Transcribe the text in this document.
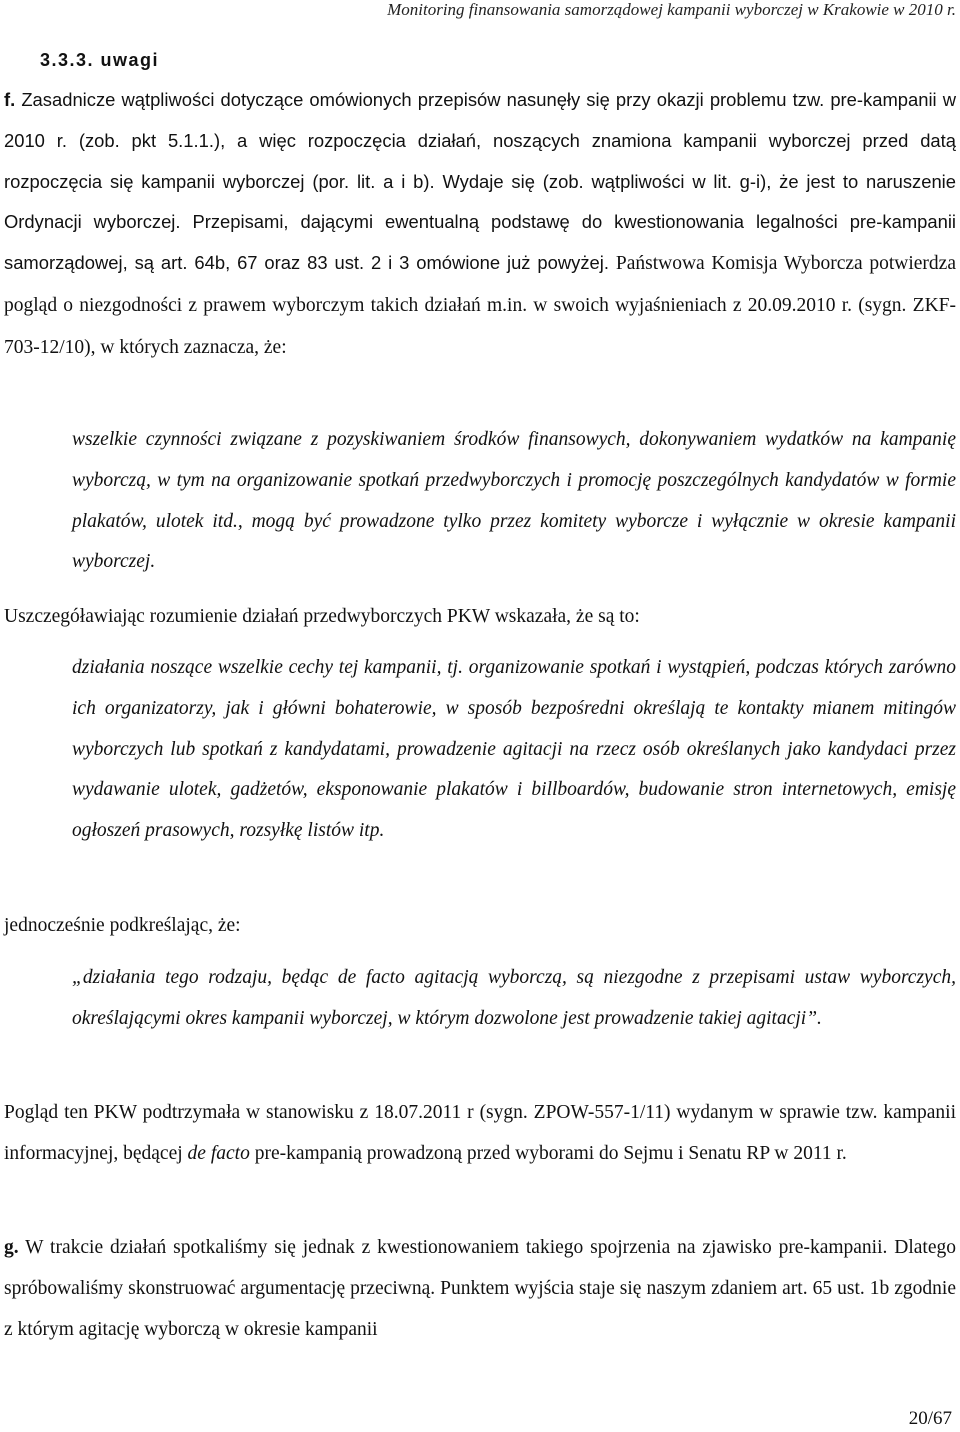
Monitoring finansowania samorządowej kampanii wyborczej w Krakowie w 2010 r.
3.3.3. uwagi

f. Zasadnicze wątpliwości dotyczące omówionych przepisów nasunęły się przy okazji problemu tzw. pre-kampanii w 2010 r. (zob. pkt 5.1.1.), a więc rozpoczęcia działań, noszących znamiona kampanii wyborczej przed datą rozpoczęcia się kampanii wyborczej (por. lit. a i b). Wydaje się (zob. wątpliwości w lit. g-i), że jest to naruszenie Ordynacji wyborczej. Przepisami, dającymi ewentualną podstawę do kwestionowania legalności pre-kampanii samorządowej, są art. 64b, 67 oraz 83 ust. 2 i 3 omówione już powyżej. Państwowa Komisja Wyborcza potwierdza pogląd o niezgodności z prawem wyborczym takich działań m.in. w swoich wyjaśnieniach z 20.09.2010 r. (sygn. ZKF-703-12/10), w których zaznacza, że:

wszelkie czynności związane z pozyskiwaniem środków finansowych, dokonywaniem wydatków na kampanię wyborczą, w tym na organizowanie spotkań przedwyborczych i promocję poszczególnych kandydatów w formie plakatów, ulotek itd., mogą być prowadzone tylko przez komitety wyborcze i wyłącznie w okresie kampanii wyborczej.

Uszczegóławiając rozumienie działań przedwyborczych PKW wskazała, że są to:

działania noszące wszelkie cechy tej kampanii, tj. organizowanie spotkań i wystąpień, podczas których zarówno ich organizatorzy, jak i główni bohaterowie, w sposób bezpośredni określają te kontakty mianem mitingów wyborczych lub spotkań z kandydatami, prowadzenie agitacji na rzecz osób określanych jako kandydaci przez wydawanie ulotek, gadżetów, eksponowanie plakatów i billboardów, budowanie stron internetowych, emisję ogłoszeń prasowych, rozsyłkę listów itp.

jednocześnie podkreślając, że:

„działania tego rodzaju, będąc de facto agitacją wyborczą, są niezgodne z przepisami ustaw wyborczych, określającymi okres kampanii wyborczej, w którym dozwolone jest prowadzenie takiej agitacji”.

Pogląd ten PKW podtrzymała w stanowisku z 18.07.2011 r (sygn. ZPOW-557-1/11) wydanym w sprawie tzw. kampanii informacyjnej, będącej de facto pre-kampanią prowadzoną przed wyborami do Sejmu i Senatu RP w 2011 r.

g. W trakcie działań spotkaliśmy się jednak z kwestionowaniem takiego spojrzenia na zjawisko pre-kampanii. Dlatego spróbowaliśmy skonstruować argumentację przeciwną. Punktem wyjścia staje się naszym zdaniem art. 65 ust. 1b zgodnie z którym agitację wyborczą w okresie kampanii

20/67
